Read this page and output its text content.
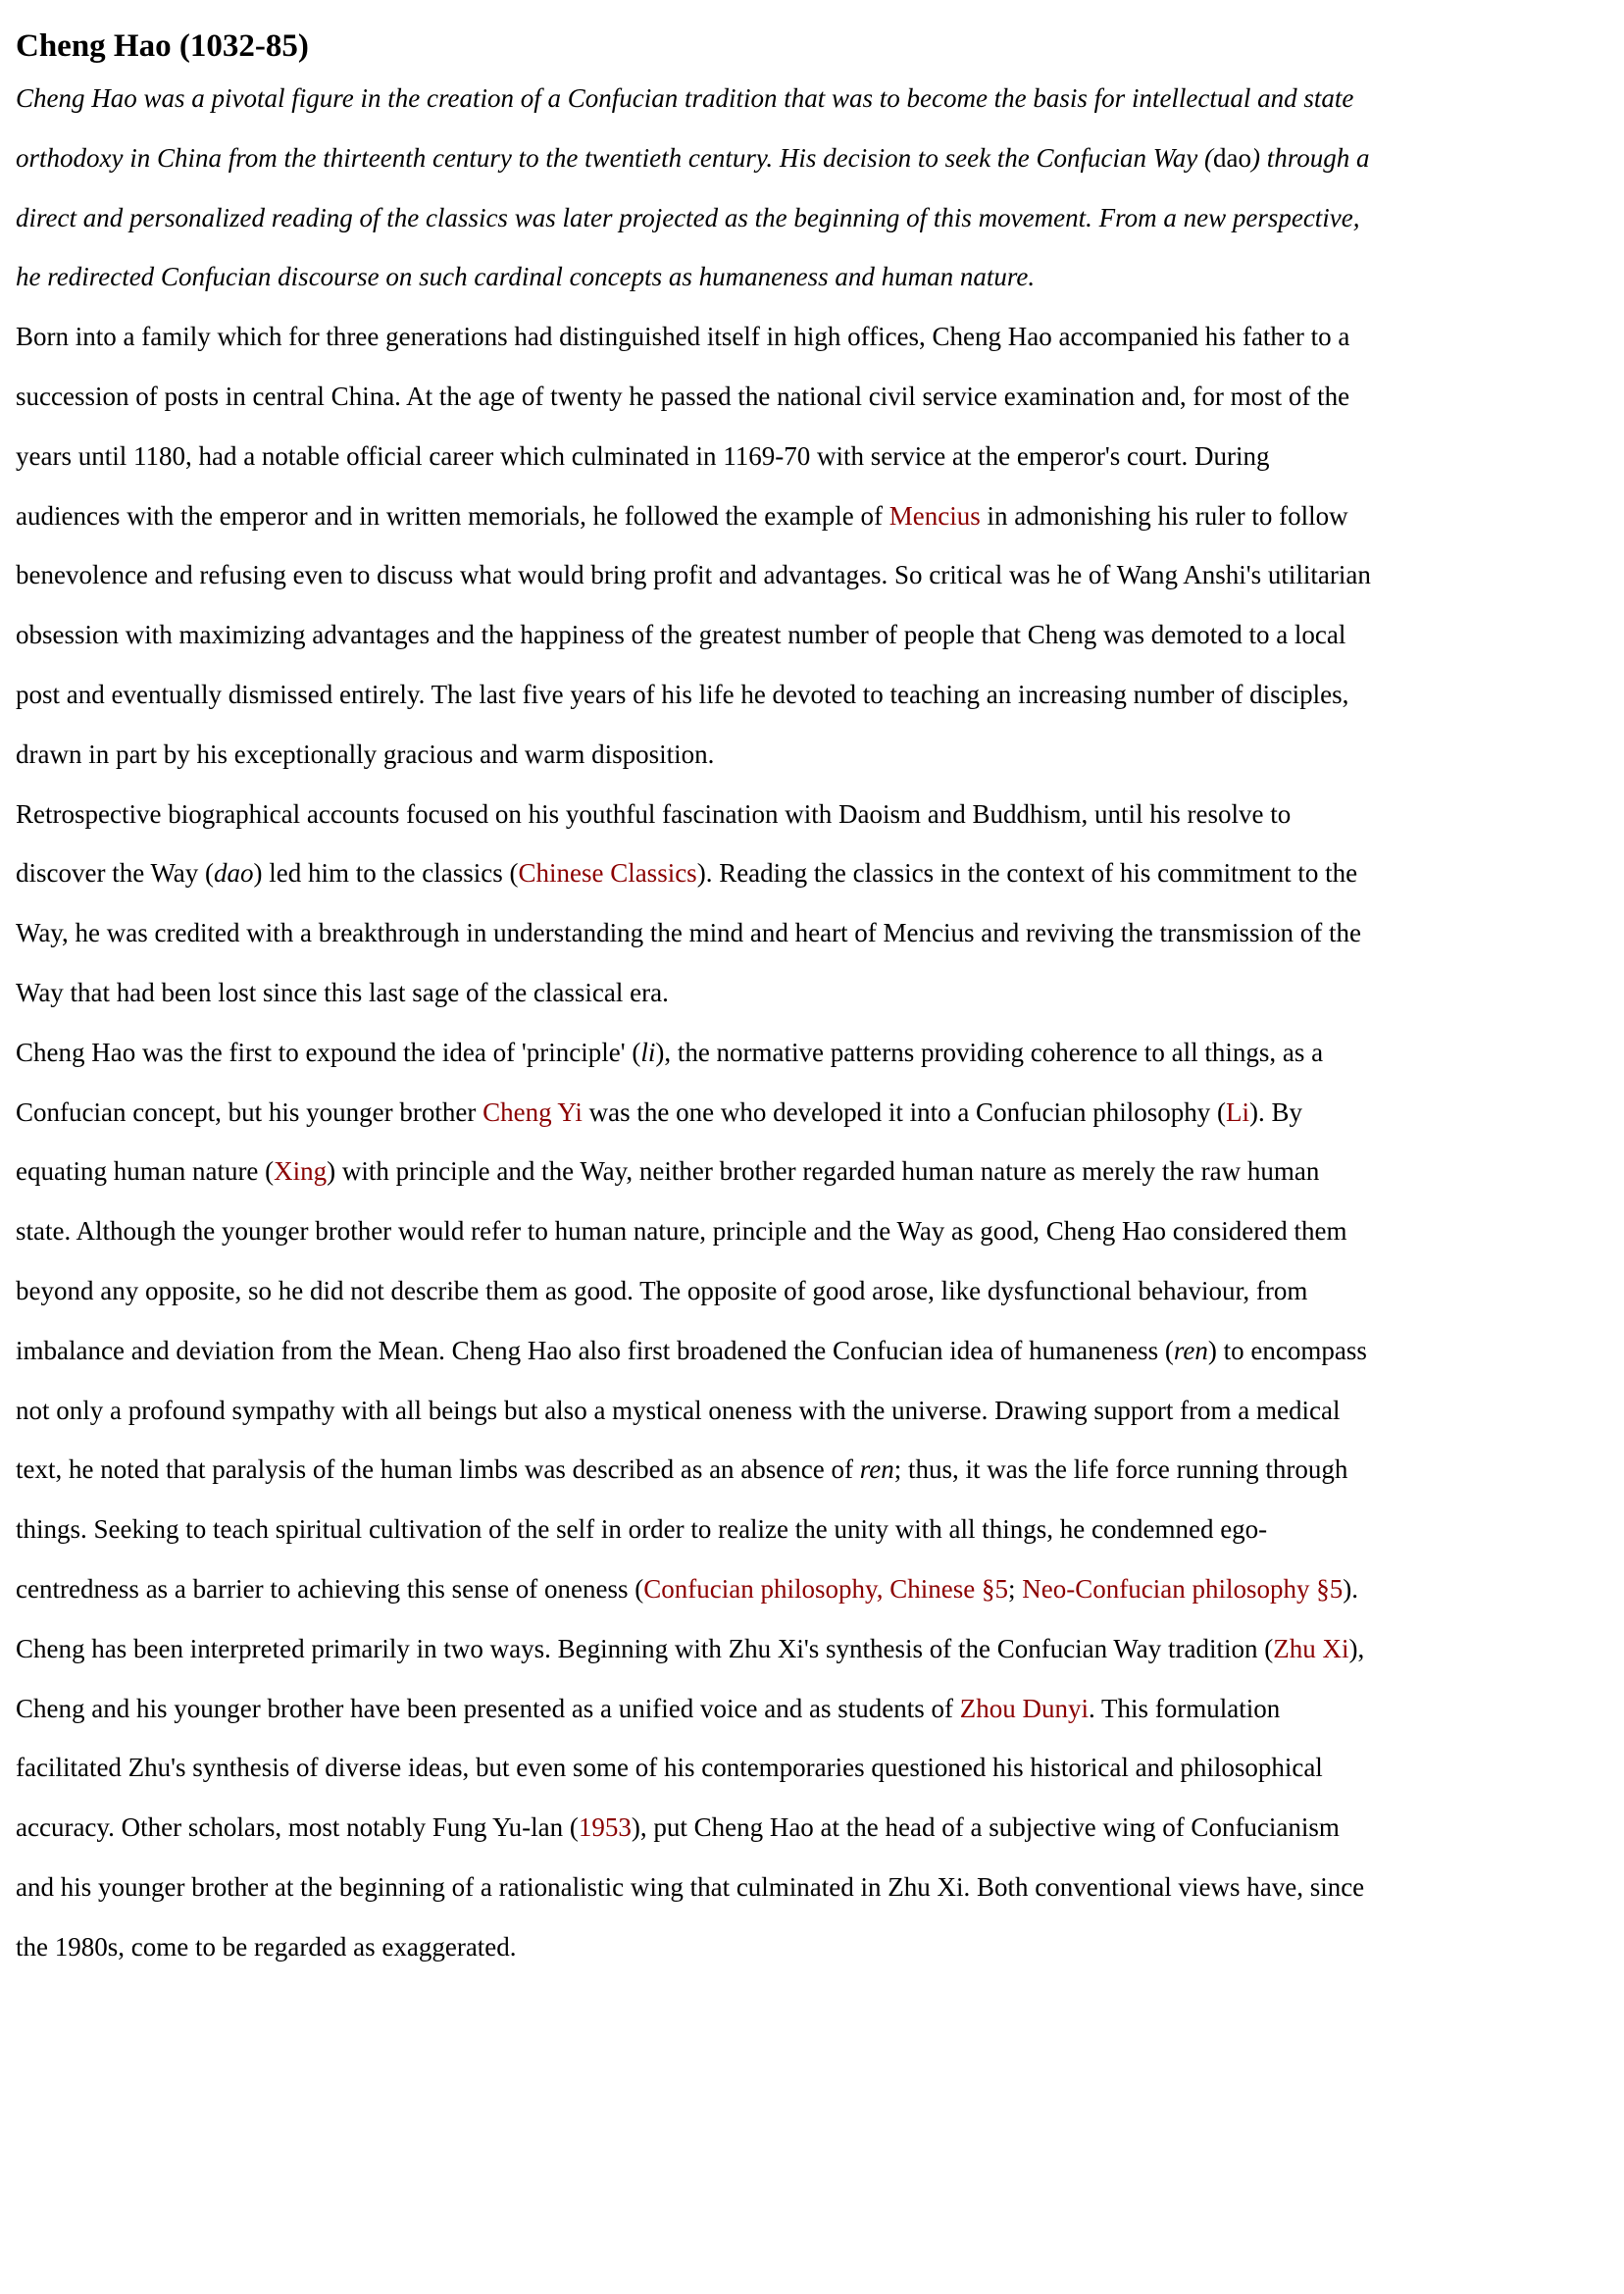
Cheng Hao (1032-85)

Cheng Hao was a pivotal figure in the creation of a Confucian tradition that was to become the basis for intellectual and state orthodoxy in China from the thirteenth century to the twentieth century. His decision to seek the Confucian Way (dao) through a direct and personalized reading of the classics was later projected as the beginning of this movement. From a new perspective, he redirected Confucian discourse on such cardinal concepts as humaneness and human nature.

Born into a family which for three generations had distinguished itself in high offices, Cheng Hao accompanied his father to a succession of posts in central China. At the age of twenty he passed the national civil service examination and, for most of the years until 1180, had a notable official career which culminated in 1169-70 with service at the emperor's court. During audiences with the emperor and in written memorials, he followed the example of Mencius in admonishing his ruler to follow benevolence and refusing even to discuss what would bring profit and advantages. So critical was he of Wang Anshi's utilitarian obsession with maximizing advantages and the happiness of the greatest number of people that Cheng was demoted to a local post and eventually dismissed entirely. The last five years of his life he devoted to teaching an increasing number of disciples, drawn in part by his exceptionally gracious and warm disposition.

Retrospective biographical accounts focused on his youthful fascination with Daoism and Buddhism, until his resolve to discover the Way (dao) led him to the classics (Chinese Classics). Reading the classics in the context of his commitment to the Way, he was credited with a breakthrough in understanding the mind and heart of Mencius and reviving the transmission of the Way that had been lost since this last sage of the classical era.

Cheng Hao was the first to expound the idea of 'principle' (li), the normative patterns providing coherence to all things, as a Confucian concept, but his younger brother Cheng Yi was the one who developed it into a Confucian philosophy (Li). By equating human nature (Xing) with principle and the Way, neither brother regarded human nature as merely the raw human state. Although the younger brother would refer to human nature, principle and the Way as good, Cheng Hao considered them beyond any opposite, so he did not describe them as good. The opposite of good arose, like dysfunctional behaviour, from imbalance and deviation from the Mean. Cheng Hao also first broadened the Confucian idea of humaneness (ren) to encompass not only a profound sympathy with all beings but also a mystical oneness with the universe. Drawing support from a medical text, he noted that paralysis of the human limbs was described as an absence of ren; thus, it was the life force running through things. Seeking to teach spiritual cultivation of the self in order to realize the unity with all things, he condemned ego-centredness as a barrier to achieving this sense of oneness (Confucian philosophy, Chinese §5; Neo-Confucian philosophy §5).

Cheng has been interpreted primarily in two ways. Beginning with Zhu Xi's synthesis of the Confucian Way tradition (Zhu Xi), Cheng and his younger brother have been presented as a unified voice and as students of Zhou Dunyi. This formulation facilitated Zhu's synthesis of diverse ideas, but even some of his contemporaries questioned his historical and philosophical accuracy. Other scholars, most notably Fung Yu-lan (1953), put Cheng Hao at the head of a subjective wing of Confucianism and his younger brother at the beginning of a rationalistic wing that culminated in Zhu Xi. Both conventional views have, since the 1980s, come to be regarded as exaggerated.
